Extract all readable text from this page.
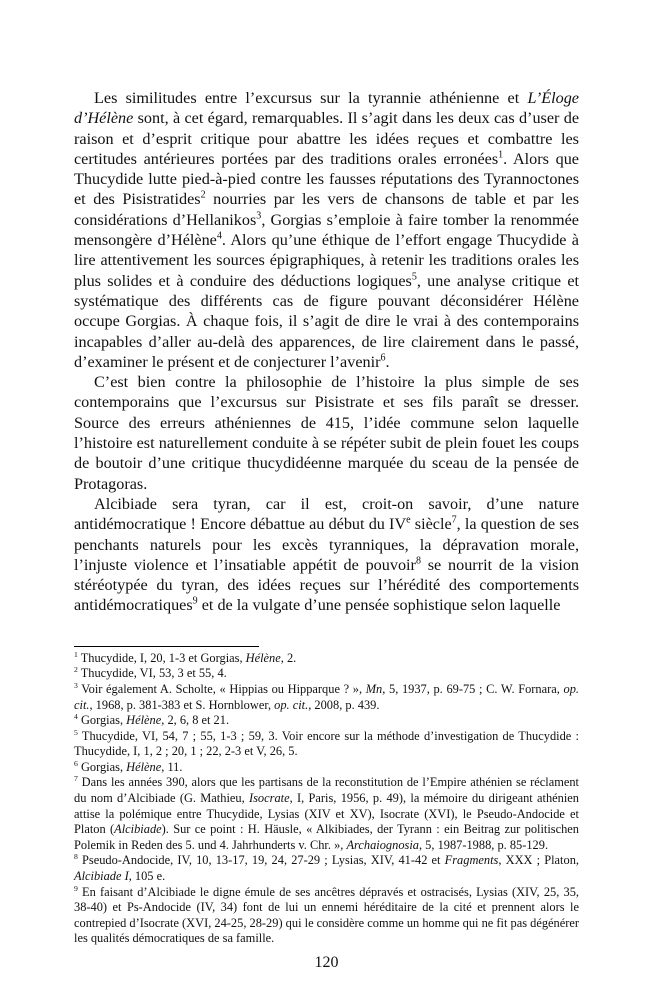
Les similitudes entre l’excursus sur la tyrannie athénienne et L’Éloge d’Hélène sont, à cet égard, remarquables. Il s’agit dans les deux cas d’user de raison et d’esprit critique pour abattre les idées reçues et combattre les certitudes antérieures portées par des traditions orales erronées$^1$. Alors que Thucydide lutte pied-à-pied contre les fausses réputations des Tyrannoctones et des Pisistratides$^2$ nourries par les vers de chansons de table et par les considérations d’Hellanikos$^3$, Gorgias s’emploie à faire tomber la renommée mensongère d’Hélène$^4$. Alors qu’une éthique de l’effort engage Thucydide à lire attentivement les sources épigraphiques, à retenir les traditions orales les plus solides et à conduire des déductions logiques$^5$, une analyse critique et systématique des différents cas de figure pouvant déconsidérer Hélène occupe Gorgias. À chaque fois, il s’agit de dire le vrai à des contemporains incapables d’aller au-delà des apparences, de lire clairement dans le passé, d’examiner le présent et de conjecturer l’avenir$^6$.

C’est bien contre la philosophie de l’histoire la plus simple de ses contemporains que l’excursus sur Pisistrate et ses fils paraît se dresser. Source des erreurs athéniennes de 415, l’idée commune selon laquelle l’histoire est naturellement conduite à se répéter subit de plein fouet les coups de boutoir d’une critique thucydidéenne marquée du sceau de la pensée de Protagoras.

Alcibiade sera tyran, car il est, croit-on savoir, d’une nature antidémocratique ! Encore débattue au début du IVe siècle$^7$, la question de ses penchants naturels pour les excès tyranniques, la dépravation morale, l’injuste violence et l’insatiable appétit de pouvoir$^8$ se nourrit de la vision stéréotypée du tyran, des idées reçues sur l’hérédité des comportements antidémocratiques$^9$ et de la vulgate d’une pensée sophistique selon laquelle

$^1$ Thucydide, I, 20, 1-3 et Gorgias, Hélène, 2.

$^2$ Thucydide, VI, 53, 3 et 55, 4.

$^3$ Voir également A. Scholte, « Hippias ou Hipparque ? », Mn, 5, 1937, p. 69-75 ; C. W. Fornara, op. cit., 1968, p. 381-383 et S. Hornblower, op. cit., 2008, p. 439.

$^4$ Gorgias, Hélène, 2, 6, 8 et 21.

$^5$ Thucydide, VI, 54, 7 ; 55, 1-3 ; 59, 3. Voir encore sur la méthode d’investigation de Thucydide : Thucydide, I, 1, 2 ; 20, 1 ; 22, 2-3 et V, 26, 5.

$^6$ Gorgias, Hélène, 11.

$^7$ Dans les années 390, alors que les partisans de la reconstitution de l’Empire athénien se réclament du nom d’Alcibiade (G. Mathieu, Isocrate, I, Paris, 1956, p. 49), la mémoire du dirigeant athénien attise la polémique entre Thucydide, Lysias (XIV et XV), Isocrate (XVI), le Pseudo-Andocide et Platon (Alcibiade). Sur ce point : H. Häusle, « Alkibiades, der Tyrann : ein Beitrag zur politischen Polemik in Reden des 5. und 4. Jahrhunderts v. Chr. », Archaiognosia, 5, 1987-1988, p. 85-129.

$^8$ Pseudo-Andocide, IV, 10, 13-17, 19, 24, 27-29 ; Lysias, XIV, 41-42 et Fragments, XXX ; Platon, Alcibiade I, 105 e.

$^9$ En faisant d’Alcibiade le digne émule de ses ancêtres dépravés et ostracisés, Lysias (XIV, 25, 35, 38-40) et Ps-Andocide (IV, 34) font de lui un ennemi héréditaire de la cité et prennent alors le contrepied d’Isocrate (XVI, 24-25, 28-29) qui le considère comme un homme qui ne fit pas dégénérer les qualités démocratiques de sa famille.

120
